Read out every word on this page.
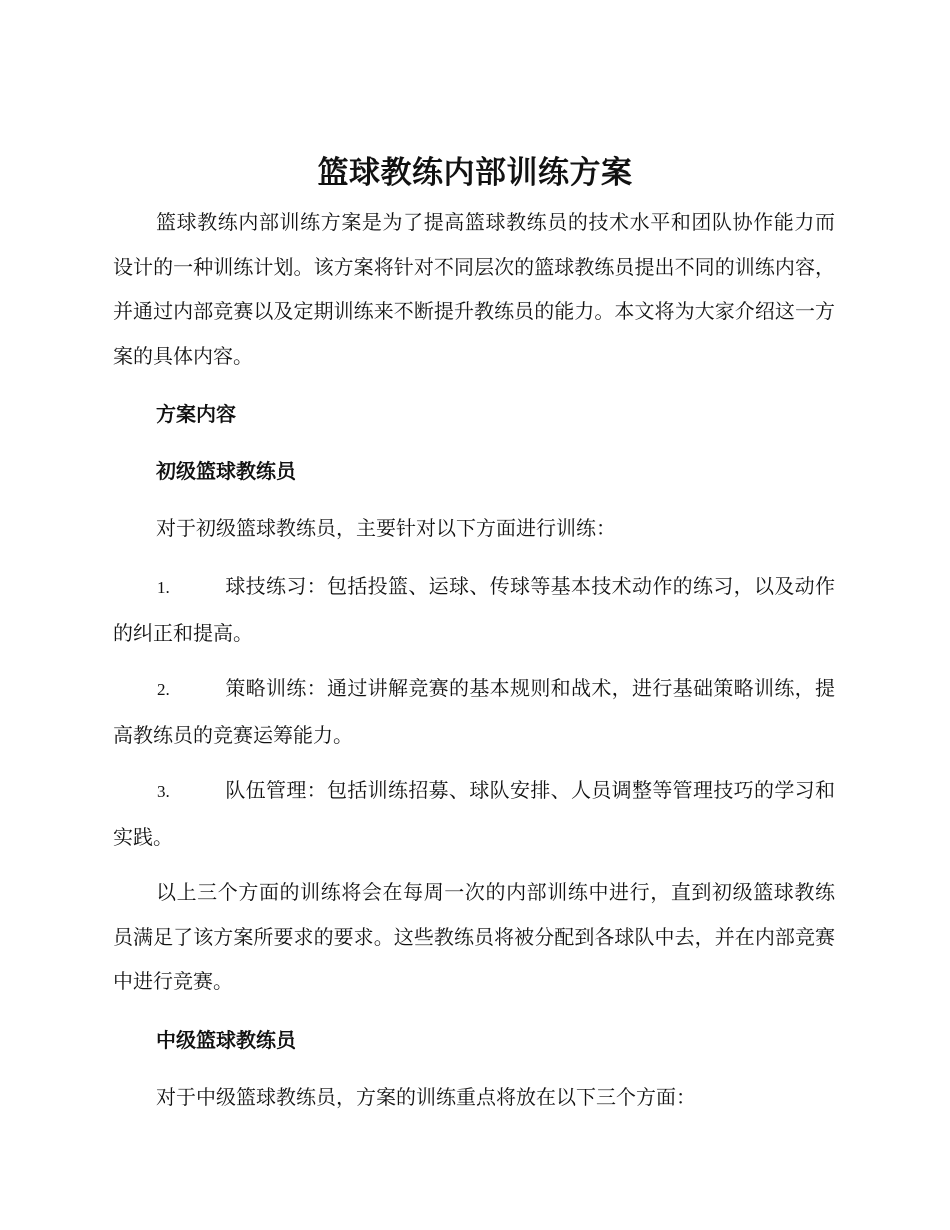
篮球教练内部训练方案

篮球教练内部训练方案是为了提高篮球教练员的技术水平和团队协作能力而设计的一种训练计划。该方案将针对不同层次的篮球教练员提出不同的训练内容，并通过内部竞赛以及定期训练来不断提升教练员的能力。本文将为大家介绍这一方案的具体内容。

方案内容
初级篮球教练员

对于初级篮球教练员，主要针对以下方面进行训练：

1.	球技练习：包括投篮、运球、传球等基本技术动作的练习，以及动作的纠正和提高。
2.	策略训练：通过讲解竞赛的基本规则和战术，进行基础策略训练，提高教练员的竞赛运筹能力。
3.	队伍管理：包括训练招募、球队安排、人员调整等管理技巧的学习和实践。

以上三个方面的训练将会在每周一次的内部训练中进行，直到初级篮球教练员满足了该方案所要求的要求。这些教练员将被分配到各球队中去，并在内部竞赛中进行竞赛。

中级篮球教练员

对于中级篮球教练员，方案的训练重点将放在以下三个方面：
